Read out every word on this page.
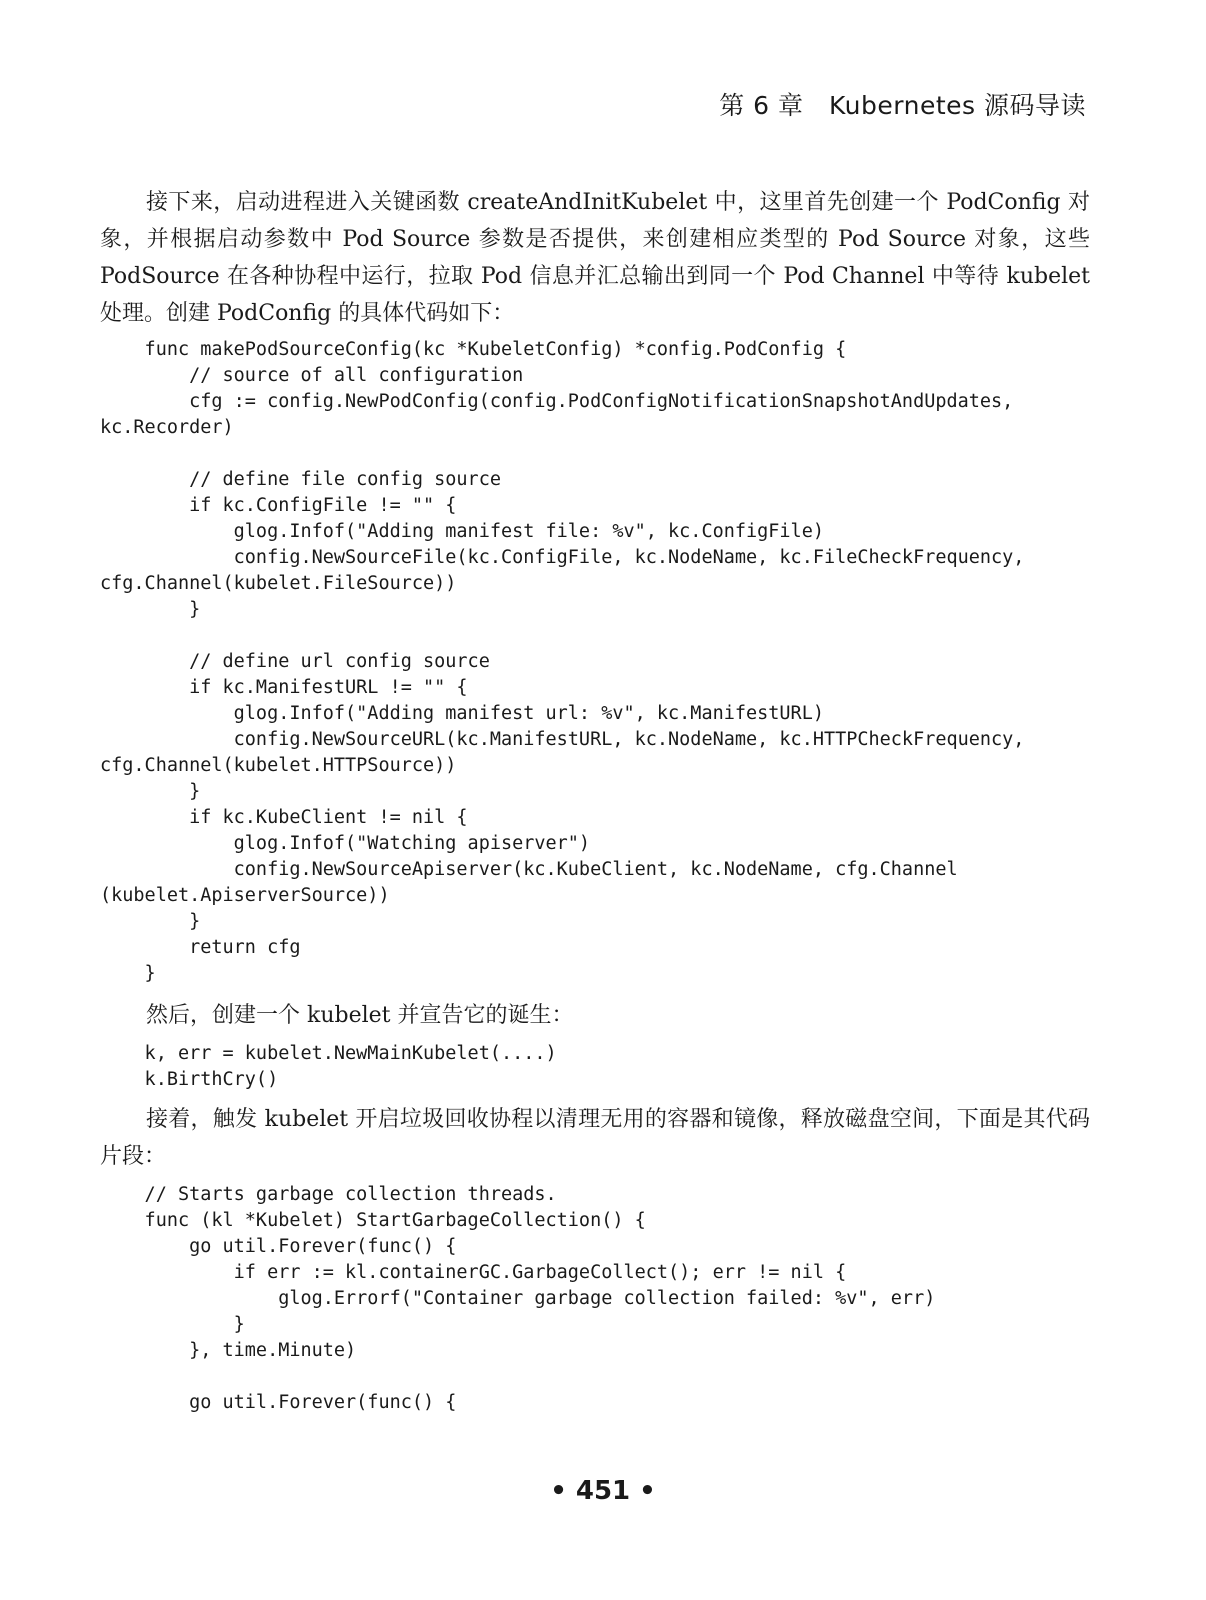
第 6 章　Kubernetes 源码导读
接下来，启动进程进入关键函数 createAndInitKubelet 中，这里首先创建一个 PodConfig 对象，并根据启动参数中 Pod Source 参数是否提供，来创建相应类型的 Pod Source 对象，这些 PodSource 在各种协程中运行，拉取 Pod 信息并汇总输出到同一个 Pod Channel 中等待 kubelet 处理。创建 PodConfig 的具体代码如下：
func makePodSourceConfig(kc *KubeletConfig) *config.PodConfig {
// source of all configuration
cfg := config.NewPodConfig(config.PodConfigNotificationSnapshotAndUpdates,
kc.Recorder)
// define file config source
if kc.ConfigFile != "" {
glog.Infof("Adding manifest file: %v", kc.ConfigFile)
config.NewSourceFile(kc.ConfigFile, kc.NodeName, kc.FileCheckFrequency,
cfg.Channel(kubelet.FileSource))
}
// define url config source
if kc.ManifestURL != "" {
glog.Infof("Adding manifest url: %v", kc.ManifestURL)
config.NewSourceURL(kc.ManifestURL, kc.NodeName, kc.HTTPCheckFrequency,
cfg.Channel(kubelet.HTTPSource))
}
if kc.KubeClient != nil {
glog.Infof("Watching apiserver")
config.NewSourceApiserver(kc.KubeClient, kc.NodeName, cfg.Channel
(kubelet.ApiserverSource))
}
return cfg
}
然后，创建一个 kubelet 并宣告它的诞生：
k, err = kubelet.NewMainKubelet(....)
k.BirthCry()
接着，触发 kubelet 开启垃圾回收协程以清理无用的容器和镜像，释放磁盘空间，下面是其代码片段：
// Starts garbage collection threads.
func (kl *Kubelet) StartGarbageCollection() {
go util.Forever(func() {
if err := kl.containerGC.GarbageCollect(); err != nil {
glog.Errorf("Container garbage collection failed: %v", err)
}
}, time.Minute)
go util.Forever(func() {
• 451 •
